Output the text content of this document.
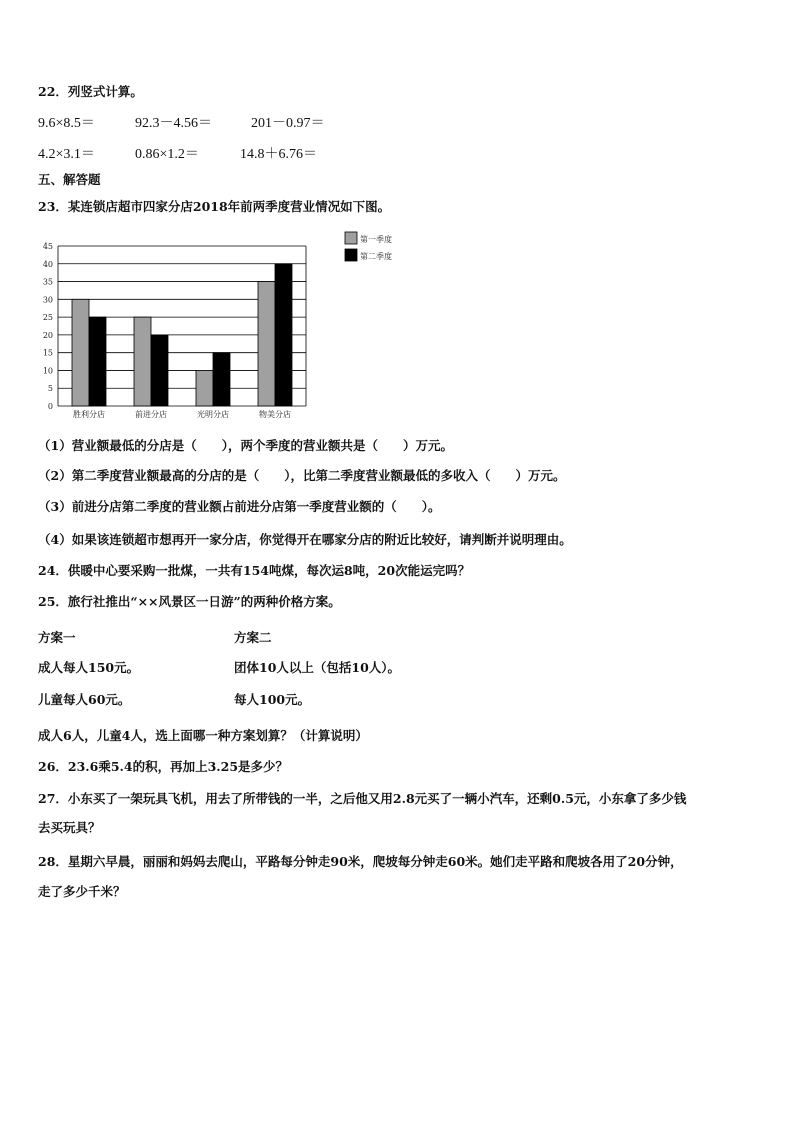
22．列竖式计算。
9.6×8.5＝	92.3－4.56＝	201－0.97＝
4.2×3.1＝	0.86×1.2＝	14.8＋6.76＝
五、解答题
23．某连锁店超市四家分店2018年前两季度营业情况如下图。
0
5
10
15
20
25
30
35
40
45
胜利分店	前进分店	光明分店	物美分店
第一季度
第二季度
（1）营业额最低的分店是（　　），两个季度的营业额共是（　　）万元。
（2）第二季度营业额最高的分店的是（　　），比第二季度营业额最低的多收入（　　）万元。
（3）前进分店第二季度的营业额占前进分店第一季度营业额的（　　）。
（4）如果该连锁超市想再开一家分店，你觉得开在哪家分店的附近比较好，请判断并说明理由。
24．供暖中心要采购一批煤，一共有154吨煤，每次运8吨，20次能运完吗？
25．旅行社推出“××风景区一日游”的两种价格方案。
方案一	方案二
成人每人150元。	团体10人以上（包括10人）。
儿童每人60元。	每人100元。
成人6人，儿童4人，选上面哪一种方案划算？（计算说明）
26．23.6乘5.4的积，再加上3.25是多少？
27．小东买了一架玩具飞机，用去了所带钱的一半，之后他又用2.8元买了一辆小汽车，还剩0.5元，小东拿了多少钱
去买玩具？
28．星期六早晨，丽丽和妈妈去爬山，平路每分钟走90米，爬坡每分钟走60米。她们走平路和爬坡各用了20分钟，
走了多少千米？
